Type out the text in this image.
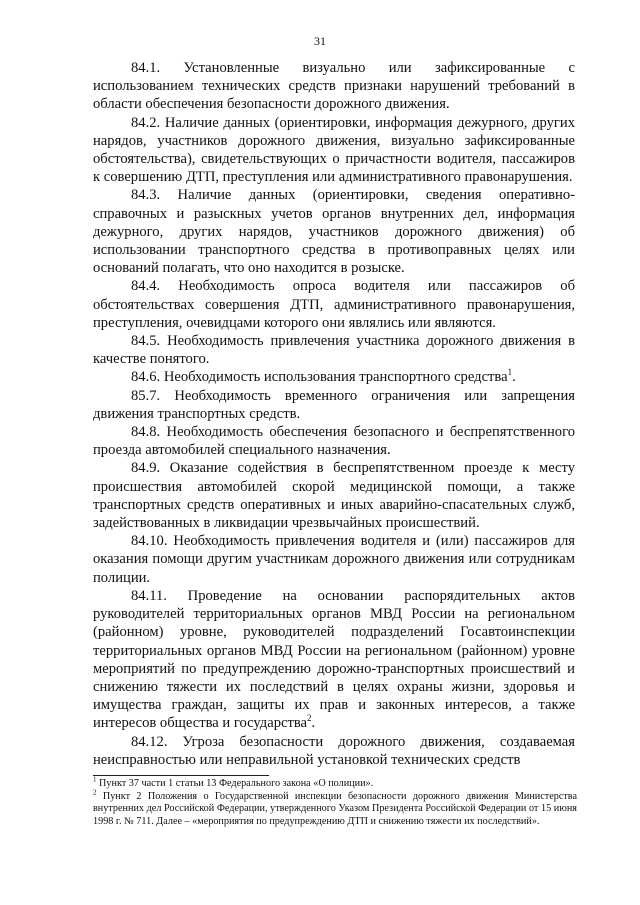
31

84.1. Установленные визуально или зафиксированные с использованием технических средств признаки нарушений требований в области обеспечения безопасности дорожного движения.

84.2. Наличие данных (ориентировки, информация дежурного, других нарядов, участников дорожного движения, визуально зафиксированные обстоятельства), свидетельствующих о причастности водителя, пассажиров к совершению ДТП, преступления или административного правонарушения.

84.3. Наличие данных (ориентировки, сведения оперативно-справочных и разыскных учетов органов внутренних дел, информация дежурного, других нарядов, участников дорожного движения) об использовании транспортного средства в противоправных целях или оснований полагать, что оно находится в розыске.

84.4. Необходимость опроса водителя или пассажиров об обстоятельствах совершения ДТП, административного правонарушения, преступления, очевидцами которого они являлись или являются.

84.5. Необходимость привлечения участника дорожного движения в качестве понятого.

84.6. Необходимость использования транспортного средства$^1$.

85.7. Необходимость временного ограничения или запрещения движения транспортных средств.

84.8. Необходимость обеспечения безопасного и беспрепятственного проезда автомобилей специального назначения.

84.9. Оказание содействия в беспрепятственном проезде к месту происшествия автомобилей скорой медицинской помощи, а также транспортных средств оперативных и иных аварийно-спасательных служб, задействованных в ликвидации чрезвычайных происшествий.

84.10. Необходимость привлечения водителя и (или) пассажиров для оказания помощи другим участникам дорожного движения или сотрудникам полиции.

84.11. Проведение на основании распорядительных актов руководителей территориальных органов МВД России на региональном (районном) уровне, руководителей подразделений Госавтоинспекции территориальных органов МВД России на региональном (районном) уровне мероприятий по предупреждению дорожно-транспортных происшествий и снижению тяжести их последствий в целях охраны жизни, здоровья и имущества граждан, защиты их прав и законных интересов, а также интересов общества и государства$^2$.

84.12. Угроза безопасности дорожного движения, создаваемая неисправностью или неправильной установкой технических средств

$^1$ Пункт 37 части 1 статьи 13 Федерального закона «О полиции».

$^2$ Пункт 2 Положения о Государственной инспекции безопасности дорожного движения Министерства внутренних дел Российской Федерации, утвержденного Указом Президента Российской Федерации от 15 июня 1998 г. № 711. Далее – «мероприятия по предупреждению ДТП и снижению тяжести их последствий».
